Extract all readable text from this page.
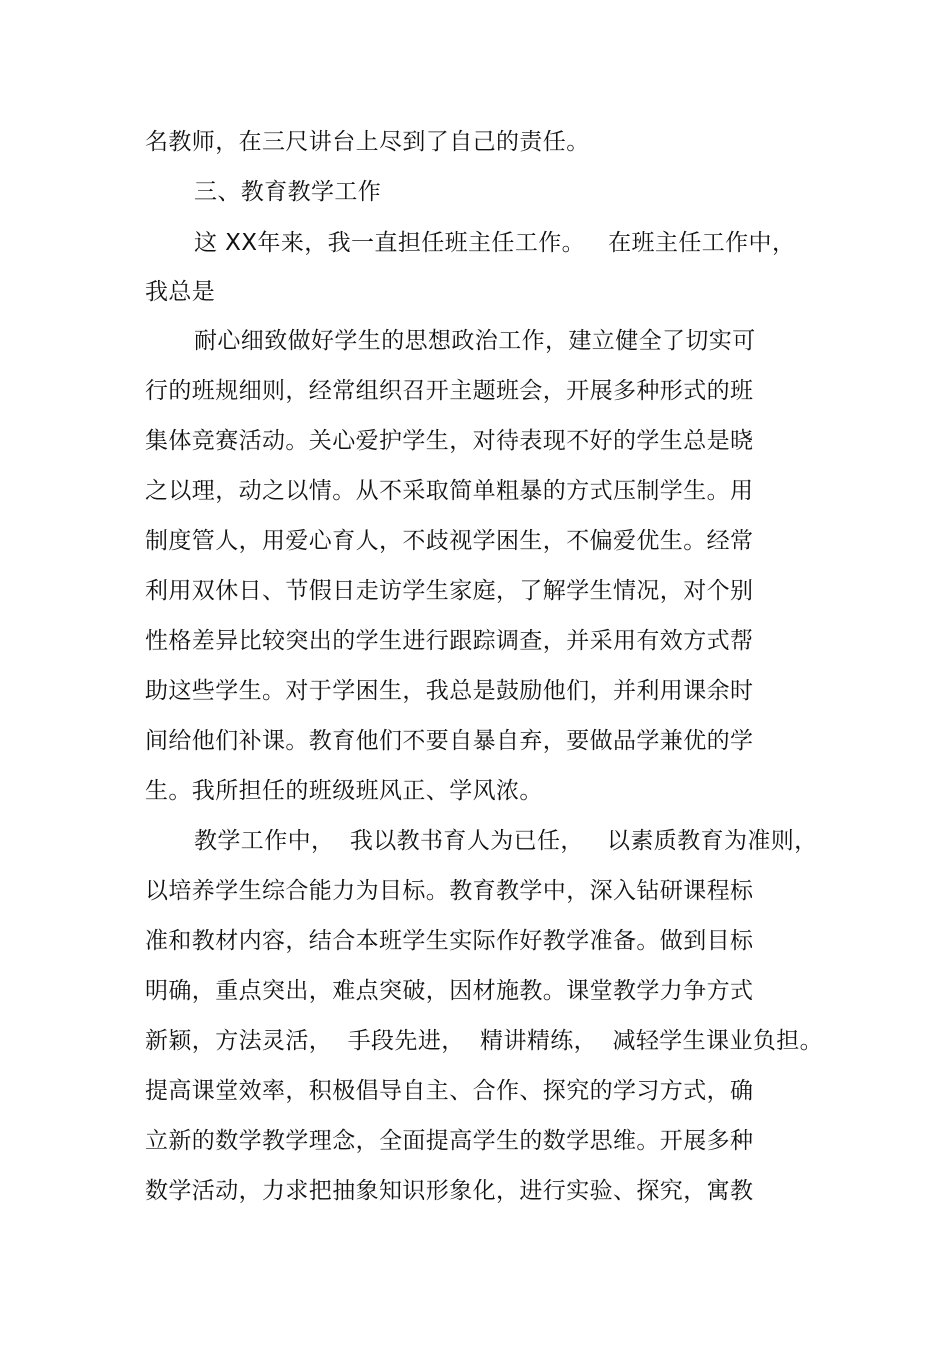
名教师，在三尺讲台上尽到了自己的责任。
三、教育教学工作
这 XX年来，我一直担任班主任工作。   在班主任工作中，
我总是
耐心细致做好学生的思想政治工作，建立健全了切实可
行的班规细则，经常组织召开主题班会，开展多种形式的班
集体竞赛活动。关心爱护学生，对待表现不好的学生总是晓
之以理，动之以情。从不采取简单粗暴的方式压制学生。用
制度管人，用爱心育人，不歧视学困生，不偏爱优生。经常
利用双休日、节假日走访学生家庭，了解学生情况，对个别
性格差异比较突出的学生进行跟踪调查，并采用有效方式帮
助这些学生。对于学困生，我总是鼓励他们，并利用课余时
间给他们补课。教育他们不要自暴自弃，要做品学兼优的学
生。我所担任的班级班风正、学风浓。
教学工作中，  我以教书育人为已任，   以素质教育为准则，
以培养学生综合能力为目标。教育教学中，深入钻研课程标
准和教材内容，结合本班学生实际作好教学准备。做到目标
明确，重点突出，难点突破，因材施教。课堂教学力争方式
新颖，方法灵活，  手段先进，  精讲精练，  减轻学生课业负担。
提高课堂效率，积极倡导自主、合作、探究的学习方式，确
立新的数学教学理念，全面提高学生的数学思维。开展多种
数学活动，力求把抽象知识形象化，进行实验、探究，寓教
